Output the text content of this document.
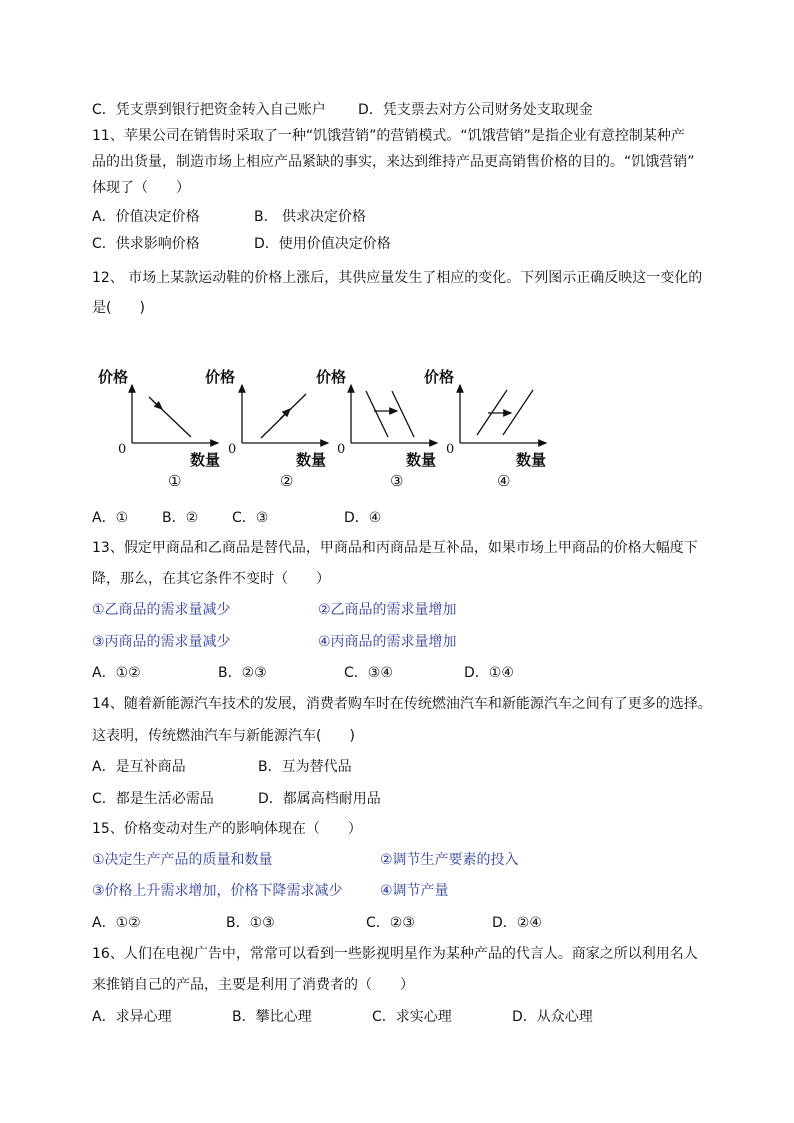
C．凭支票到银行把资金转入自己账户 D．凭支票去对方公司财务处支取现金
11、苹果公司在销售时采取了一种“饥饿营销”的营销模式。“饥饿营销”是指企业有意控制某种产
品的出货量，制造市场上相应产品紧缺的事实，来达到维持产品更高销售价格的目的。“饥饿营销”
体现了（　　）
A．价值决定价格	B． 供求决定价格
C．供求影响价格	D．使用价值决定价格
12、 市场上某款运动鞋的价格上涨后，其供应量发生了相应的变化。下列图示正确反映这一变化的
是(　　)
价格
0
数量
①
价格
0
数量
②
价格
0
数量
③
价格
0
数量
④
A．① B．② C．③	D．④
13、假定甲商品和乙商品是替代品，甲商品和丙商品是互补品，如果市场上甲商品的价格大幅度下
降，那么，在其它条件不变时（　　）
①乙商品的需求量减少	②乙商品的需求量增加
③丙商品的需求量减少	④丙商品的需求量增加
A．①②	B．②③	C．③④	D．①④
14、随着新能源汽车技术的发展，消费者购车时在传统燃油汽车和新能源汽车之间有了更多的选择。
这表明，传统燃油汽车与新能源汽车(　　)
A．是互补商品	B．互为替代品
C．都是生活必需品	D．都属高档耐用品
15、价格变动对生产的影响体现在（　　）
①决定生产产品的质量和数量	②调节生产要素的投入
③价格上升需求增加，价格下降需求减少	④调节产量
A．①②	B．①③	C．②③	D．②④
16、人们在电视广告中，常常可以看到一些影视明星作为某种产品的代言人。商家之所以利用名人
来推销自己的产品，主要是利用了消费者的（　　）
A．求异心理	B．攀比心理	C．求实心理	D．从众心理
